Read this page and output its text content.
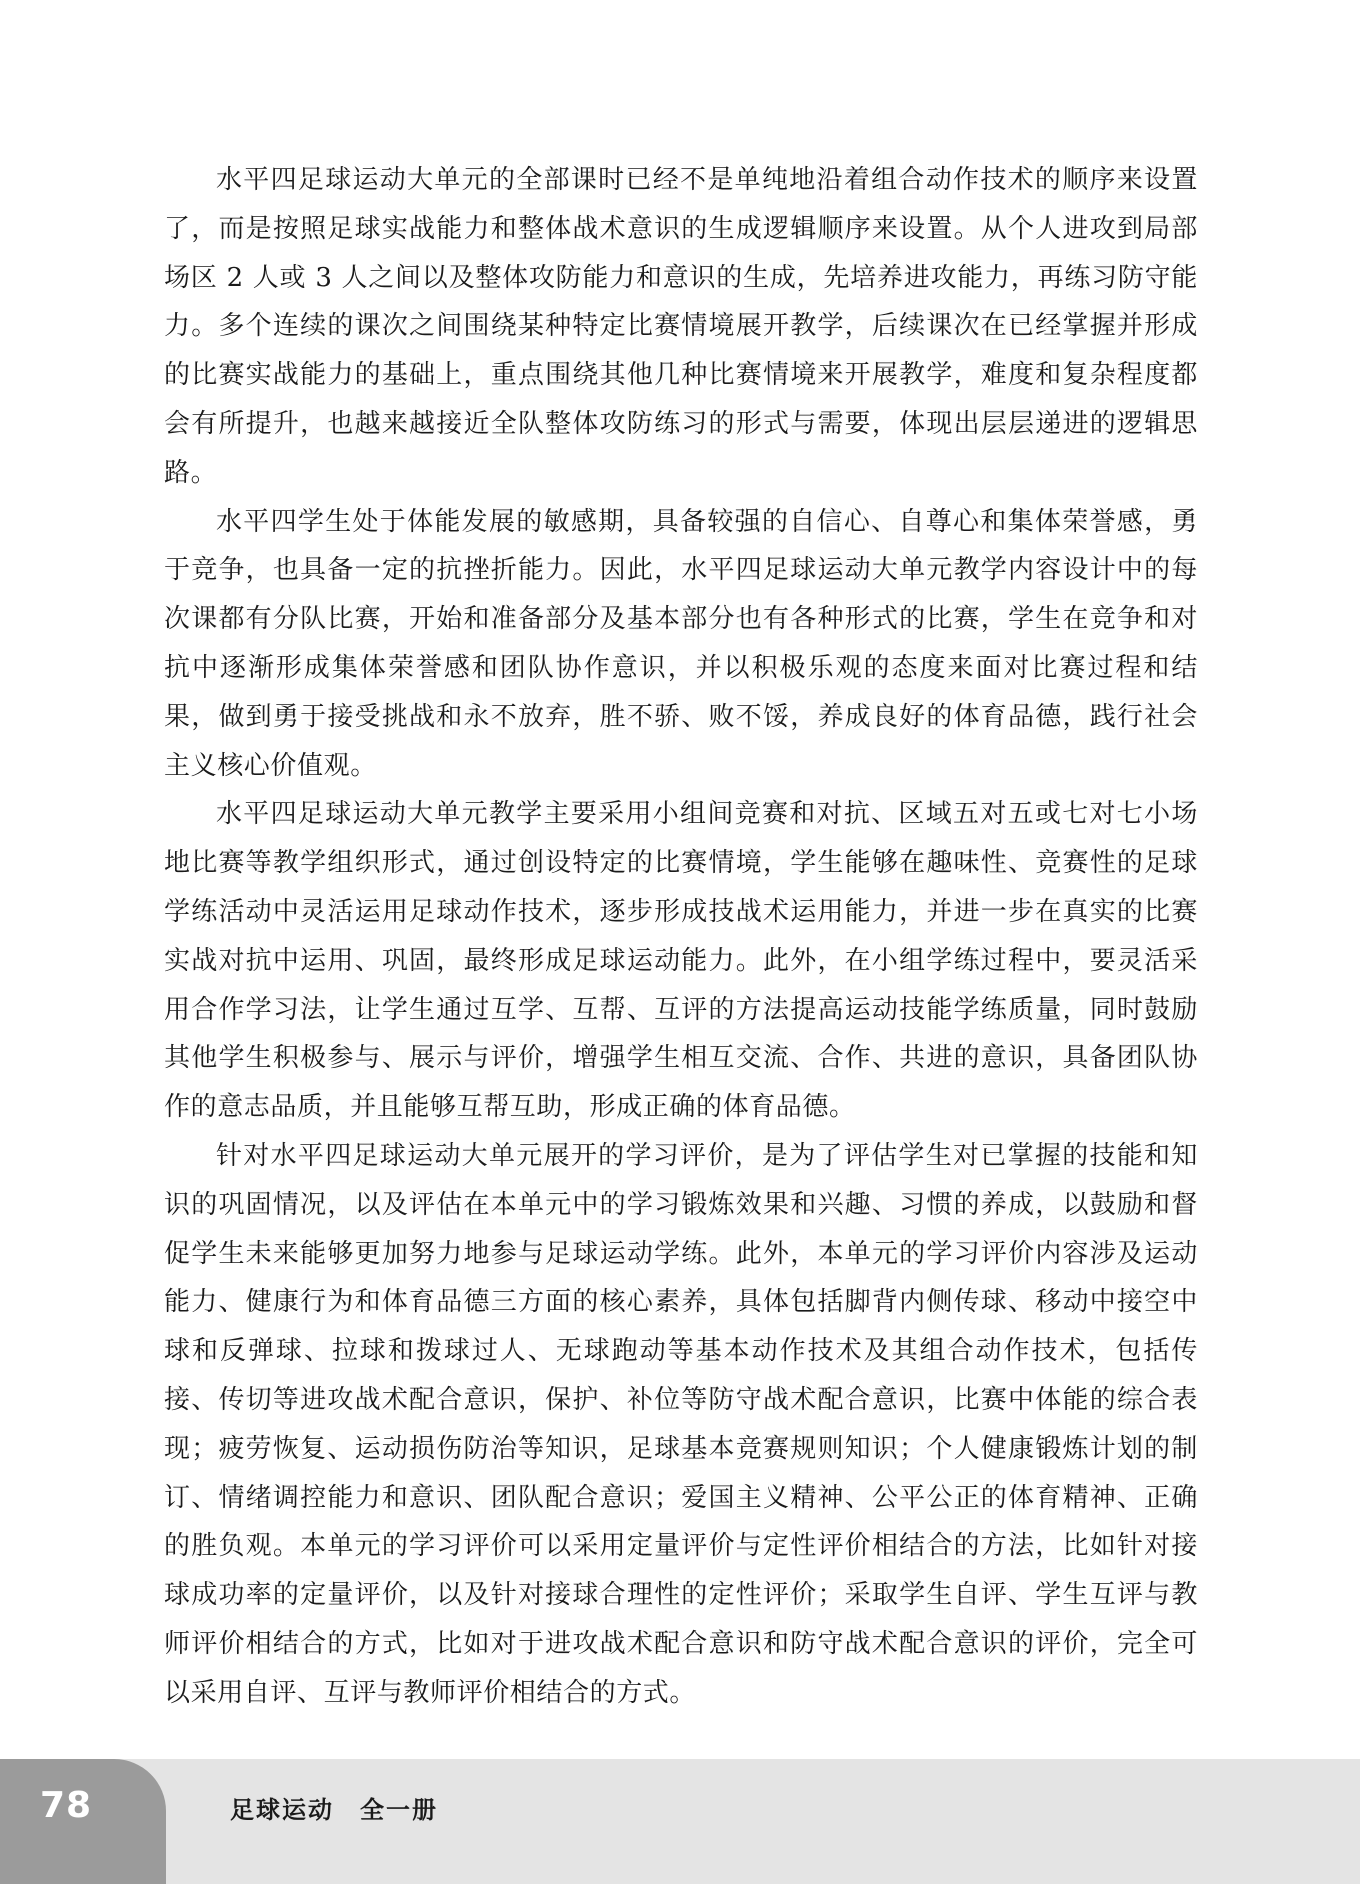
水平四足球运动大单元的全部课时已经不是单纯地沿着组合动作技术的顺序来设置了，而是按照足球实战能力和整体战术意识的生成逻辑顺序来设置。从个人进攻到局部场区 2 人或 3 人之间以及整体攻防能力和意识的生成，先培养进攻能力，再练习防守能力。多个连续的课次之间围绕某种特定比赛情境展开教学，后续课次在已经掌握并形成的比赛实战能力的基础上，重点围绕其他几种比赛情境来开展教学，难度和复杂程度都会有所提升，也越来越接近全队整体攻防练习的形式与需要，体现出层层递进的逻辑思路。

水平四学生处于体能发展的敏感期，具备较强的自信心、自尊心和集体荣誉感，勇于竞争，也具备一定的抗挫折能力。因此，水平四足球运动大单元教学内容设计中的每次课都有分队比赛，开始和准备部分及基本部分也有各种形式的比赛，学生在竞争和对抗中逐渐形成集体荣誉感和团队协作意识，并以积极乐观的态度来面对比赛过程和结果，做到勇于接受挑战和永不放弃，胜不骄、败不馁，养成良好的体育品德，践行社会主义核心价值观。

水平四足球运动大单元教学主要采用小组间竞赛和对抗、区域五对五或七对七小场地比赛等教学组织形式，通过创设特定的比赛情境，学生能够在趣味性、竞赛性的足球学练活动中灵活运用足球动作技术，逐步形成技战术运用能力，并进一步在真实的比赛实战对抗中运用、巩固，最终形成足球运动能力。此外，在小组学练过程中，要灵活采用合作学习法，让学生通过互学、互帮、互评的方法提高运动技能学练质量，同时鼓励其他学生积极参与、展示与评价，增强学生相互交流、合作、共进的意识，具备团队协作的意志品质，并且能够互帮互助，形成正确的体育品德。

针对水平四足球运动大单元展开的学习评价，是为了评估学生对已掌握的技能和知识的巩固情况，以及评估在本单元中的学习锻炼效果和兴趣、习惯的养成，以鼓励和督促学生未来能够更加努力地参与足球运动学练。此外，本单元的学习评价内容涉及运动能力、健康行为和体育品德三方面的核心素养，具体包括脚背内侧传球、移动中接空中球和反弹球、拉球和拨球过人、无球跑动等基本动作技术及其组合动作技术，包括传接、传切等进攻战术配合意识，保护、补位等防守战术配合意识，比赛中体能的综合表现；疲劳恢复、运动损伤防治等知识，足球基本竞赛规则知识；个人健康锻炼计划的制订、情绪调控能力和意识、团队配合意识；爱国主义精神、公平公正的体育精神、正确的胜负观。本单元的学习评价可以采用定量评价与定性评价相结合的方法，比如针对接球成功率的定量评价，以及针对接球合理性的定性评价；采取学生自评、学生互评与教师评价相结合的方式，比如对于进攻战术配合意识和防守战术配合意识的评价，完全可以采用自评、互评与教师评价相结合的方式。

78	足球运动　全一册
